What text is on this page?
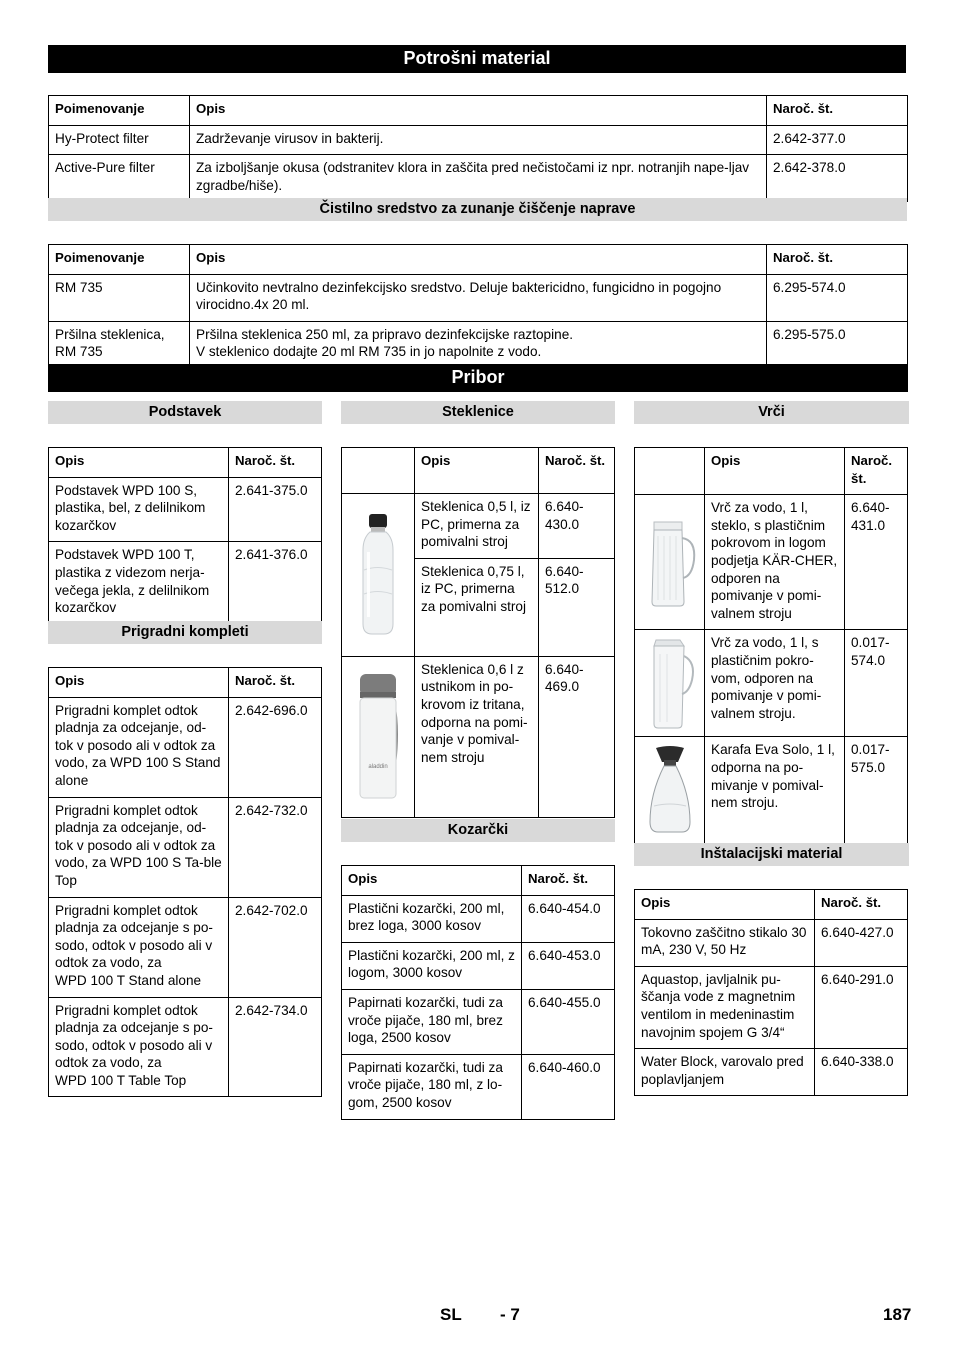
Potrošni material
Poimenovanje	Opis	Naroč. št.
Hy-Protect filter	Zadrževanje virusov in bakterij.	2.642-377.0
Active-Pure filter	Za izboljšanje okusa (odstranitev klora in zaščita pred nečistočami iz npr. notranjih nape-ljav zgradbe/hiše).	2.642-378.0
Čistilno sredstvo za zunanje čiščenje naprave
Poimenovanje	Opis	Naroč. št.
RM 735	Učinkovito nevtralno dezinfekcijsko sredstvo. Deluje baktericidno, fungicidno in pogojno virocidno.4x 20 ml.	6.295-574.0
Pršilna steklenica, RM 735	Pršilna steklenica 250 ml, za pripravo dezinfekcijske raztopine.
V steklenico dodajte 20 ml RM 735 in jo napolnite z vodo.	6.295-575.0
Pribor
Podstavek
Opis	Naroč. št.
Podstavek WPD 100 S, plastika, bel, z delilnikom kozarčkov	2.641-375.0
Podstavek WPD 100 T, plastika z videzom nerja-večega jekla, z delilnikom kozarčkov	2.641-376.0
Prigradni kompleti
Opis	Naroč. št.
Prigradni komplet odtok pladnja za odcejanje, od-tok v posodo ali v odtok za vodo, za WPD 100 S Stand alone	2.642-696.0
Prigradni komplet odtok pladnja za odcejanje, od-tok v posodo ali v odtok za vodo, za WPD 100 S Ta-ble Top	2.642-732.0

Prigradni komplet odtok pladnja za odcejanje s po-sodo, odtok v posodo ali v odtok za vodo, za
WPD 100 T Stand alone	2.642-702.0

Prigradni komplet odtok pladnja za odcejanje s po-sodo, odtok v posodo ali v odtok za vodo, za
WPD 100 T Table Top	2.642-734.0
Steklenice
	Opis	Naroč. št.

	Steklenica 0,5 l, iz PC, primerna za pomivalni stroj	6.640-430.0
	Steklenica 0,75 l, iz PC, primerna za pomivalni stroj	6.640-512.0

aladdin	Steklenica 0,6 l z ustnikom in po-krovom iz tritana, odporna na pomi-vanje v pomival-nem stroju	6.640-469.0
Kozarčki
Opis	Naroč. št.
Plastični kozarčki, 200 ml, brez loga, 3000 kosov	6.640-454.0
Plastični kozarčki, 200 ml, z logom, 3000 kosov	6.640-453.0
Papirnati kozarčki, tudi za vroče pijače, 180 ml, brez loga, 2500 kosov	6.640-455.0
Papirnati kozarčki, tudi za vroče pijače, 180 ml, z lo-gom, 2500 kosov	6.640-460.0
Vrči
	Opis	Naroč. št.

	Vrč za vodo, 1 l, steklo, s plastičnim pokrovom in logom podjetja KÄR-CHER, odporen na pomivanje v pomi-valnem stroju	6.640-431.0

	Vrč za vodo, 1 l, s plastičnim pokro-vom, odporen na pomivanje v pomi-valnem stroju.	0.017-574.0

	Karafa Eva Solo, 1 l, odporna na po-mivanje v pomival-nem stroju.	0.017-575.0
Inštalacijski material
Opis	Naroč. št.
Tokovno zaščitno stikalo 30 mA, 230 V, 50 Hz	6.640-427.0
Aquastop, javljalnik pu-ščanja vode z magnetnim ventilom in medeninastim navojnim spojem G 3/4“	6.640-291.0
Water Block, varovalo pred poplavljanjem	6.640-338.0
SL - 7	187
